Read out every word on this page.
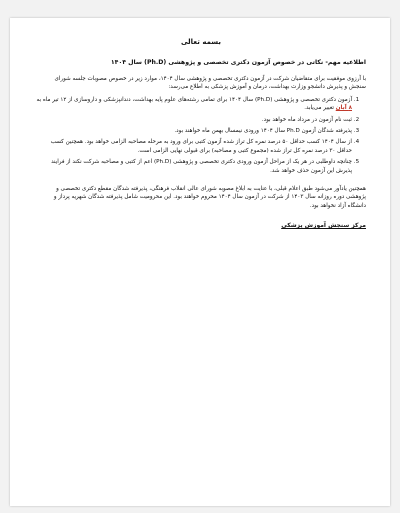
بسمه تعالی
اطلاعیه مهم- نکاتی در خصوص آزمون دکتری تخصصی و پژوهشی (Ph.D) سال ۱۴۰۴

با آرزوی موفقیت برای متقاضیان شرکت در آزمون دکتری تخصصی و پژوهشی سال ۱۴۰۴، موارد زیر در خصوص مصوبات جلسه شورای سنجش و پذیرش دانشجو وزارت بهداشت، درمان و آموزش پزشکی به اطلاع می‌رسد:

1. آزمون دکتری تخصصی و پژوهشی (Ph.D) سال ۱۴۰۴ برای تمامی رشته‌های علوم پایه بهداشت، دندانپزشکی و داروسازی از ۱۲ تیر ماه به ۸ آبان تغییر می‌یابد.
2. ثبت نام آزمون در مرداد ماه خواهد بود.
3. پذیرفته شدگان آزمون Ph.D سال ۱۴۰۴ ورودی نیمسال بهمن ماه خواهند بود.
4. از سال ۱۴۰۴ کسب حداقل ۵۰ درصد نمره کل تراز شده آزمون کتبی برای ورود به مرحله مصاحبه الزامی خواهد بود. همچنین کسب حداقل ۳۰ درصد نمره کل تراز شده (مجموع کتبی و مصاحبه) برای قبولی نهایی الزامی است.
5. چنانچه داوطلبی در هر یک از مراحل آزمون ورودی دکتری تخصصی و پژوهشی (Ph.D) اعم از کتبی و مصاحبه شرکت نکند از فرایند پذیرش این آزمون حذف خواهد شد.

همچنین یادآور می‌شود طبق اعلام قبلی، با عنایت به ابلاغ مصوبه شورای عالی انقلاب فرهنگی، پذیرفته شدگان مقطع دکتری تخصصی و پژوهشی دوره روزانه سال ۱۴۰۳ از شرکت در آزمون سال ۱۴۰۴ محروم خواهند بود. این محرومیت شامل پذیرفته شدگان شهریه پرداز و دانشگاه آزاد نخواهد بود.

مرکز سنجش آموزش پزشکی
